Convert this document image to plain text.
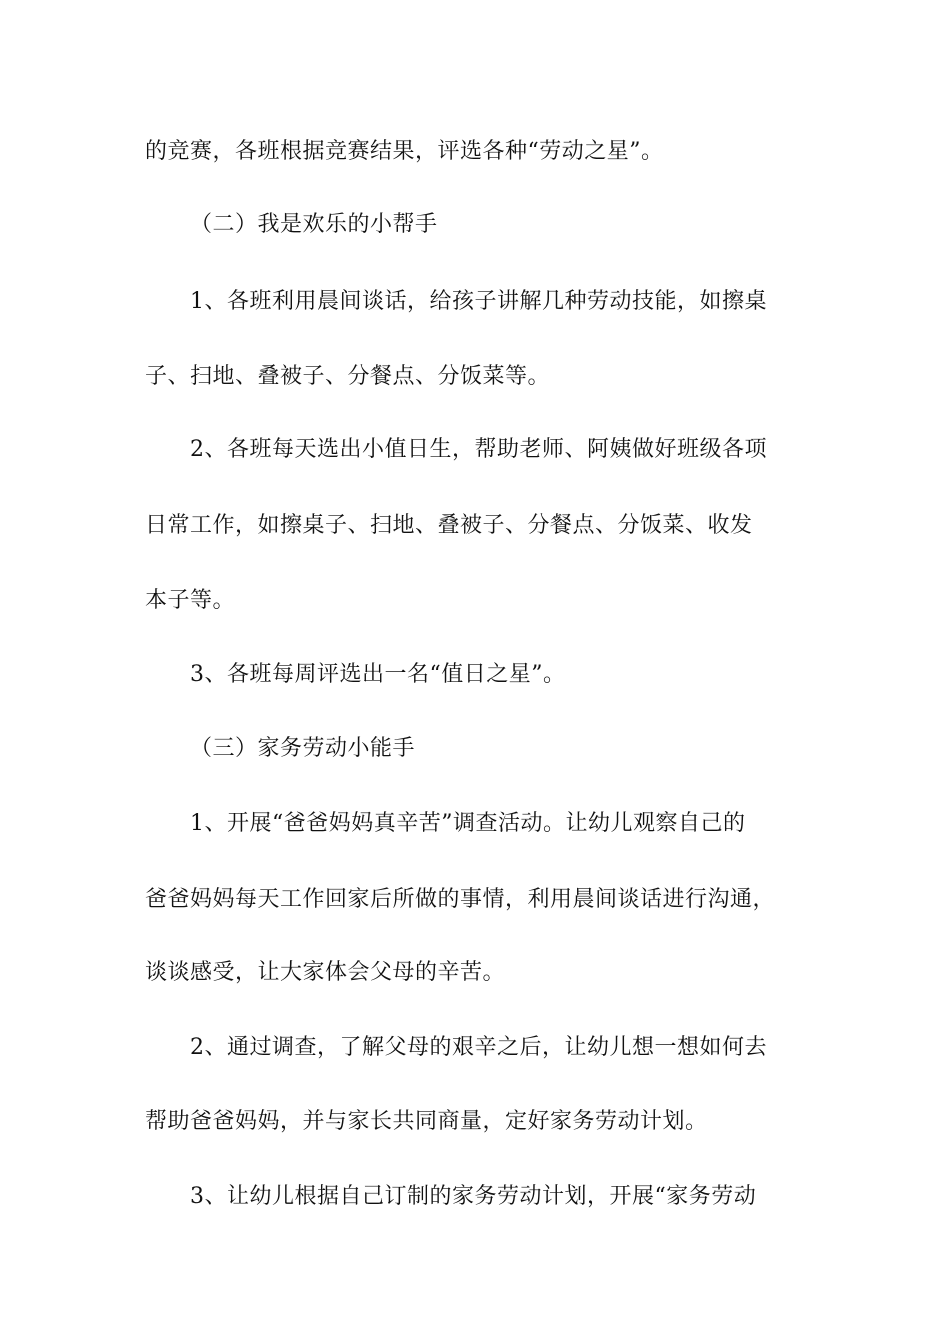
的竞赛，各班根据竞赛结果，评选各种“劳动之星”。

（二）我是欢乐的小帮手

1、各班利用晨间谈话，给孩子讲解几种劳动技能，如擦桌

子、扫地、叠被子、分餐点、分饭菜等。

2、各班每天选出小值日生，帮助老师、阿姨做好班级各项

日常工作，如擦桌子、扫地、叠被子、分餐点、分饭菜、收发

本子等。

3、各班每周评选出一名“值日之星”。

（三）家务劳动小能手

1、开展“爸爸妈妈真辛苦”调查活动。让幼儿观察自己的

爸爸妈妈每天工作回家后所做的事情，利用晨间谈话进行沟通，

谈谈感受，让大家体会父母的辛苦。

2、通过调查，了解父母的艰辛之后，让幼儿想一想如何去

帮助爸爸妈妈，并与家长共同商量，定好家务劳动计划。

3、让幼儿根据自己订制的家务劳动计划，开展“家务劳动
